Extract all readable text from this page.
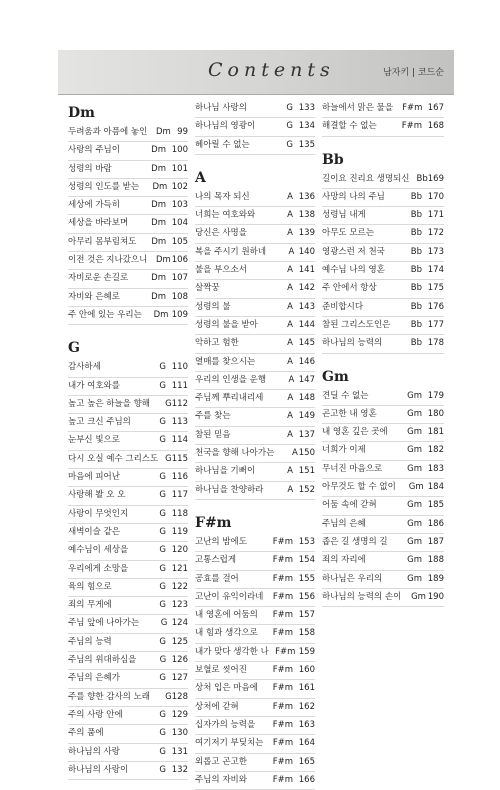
Contents	남자키 | 코드순
Dm
두려움과 아픔에 놓인	Dm 99
사랑의 주님이	Dm 100
성령의 바람	Dm 101
성령의 인도를 받는	Dm 102
세상에 가득히	Dm 103
세상을 바라보며	Dm 104
아무리 몸부림쳐도	Dm 105
이전 것은 지나갔으니	Dm 106
자비로운 손길로	Dm 107
자비와 은혜로	Dm 108
주 안에 있는 우리는	Dm 109
G
감사하세	G 110
내가 여호와를	G 111
높고 높은 하늘을 향해	G 112
높고 크신 주님의	G 113
눈부신 빛으로	G 114
다시 오실 예수 그리스도 G 115
마음에 피어난	G 116
사랑해 봘 오 오	G 117
사랑이 무엇인지	G 118
새벽이슬 같은	G 119
예수님이 세상을	G 120
우리에게 소망을	G 121
육의 힘으로	G 122
죄의 무게에	G 123
주님 앞에 나아가는	G 124
주님의 능력	G 125
주님의 위대하심을	G 126
주님의 은혜가	G 127
주를 향한 감사의 노래	G 128
주의 사랑 안에	G 129
주의 품에	G 130
하나님의 사랑	G 131
하나님의 사랑이	G 132
하나님 사랑의	G 133
하나님의 영광이	G 134
헤아릴 수 없는	G 135
A
나의 목자 되신	A 136
너희는 여호와와	A 138
당신은 사명을	A 139
복을 주시기 원하네	A 140
불을 부으소서	A 141
살짝꿍	A 142
성령의 불	A 143
성령의 불을 받아	A 144
악하고 험한	A 145
열매를 찾으시는	A 146
우리의 인생을 운행	A 147
주님께 뿌리내리세	A 148
주를 찾는	A 149
참된 믿음	A 137
천국을 향해 나아가는	A 150
하나님을 기뻐이	A 151
하나님을 찬양하라	A 152
F#m
고난의 밤에도	F#m 153
고통스럽게	F#m 154
공효를 걸어	F#m 155
고난이 유익이라네	F#m 156
내 영혼에 어둠의	F#m 157
내 힘과 생각으로	F#m 158
내가 맞다 생각한 나 F#m 159
보혈로 씻어진	F#m 160
상처 입은 마음에	F#m 161
상처에 갇혀	F#m 162
십자가의 능력을	F#m 163
여기저기 부딪치는	F#m 164
외롭고 곤고한	F#m 165
주님의 자비와	F#m 166
하늘에서 맑은 물을	F#m 167
해결할 수 없는	F#m 168
Bb
길이요 진리요 생명되신 Bb 169
사망의 나의 주님	Bb 170
성령님 내게	Bb 171
아무도 모르는	Bb 172
영광스런 저 천국	Bb 173
예수님 나의 영혼	Bb 174
주 안에서 항상	Bb 175
준비합시다	Bb 176
참된 그리스도인은	Bb 177
하나님의 능력의	Bb 178
Gm
견딜 수 없는	Gm 179
곤고한 내 영혼	Gm 180
내 영혼 깊은 곳에	Gm 181
너희가 이제	Gm 182
무너진 마음으로	Gm 183
아무것도 할 수 없이	Gm 184
어둠 속에 갇혀	Gm 185
주님의 은혜	Gm 186
좁은 길 생명의 길	Gm 187
죄의 자리에	Gm 188
하나님은 우리의	Gm 189
하나님의 능력의 손이	Gm 190
